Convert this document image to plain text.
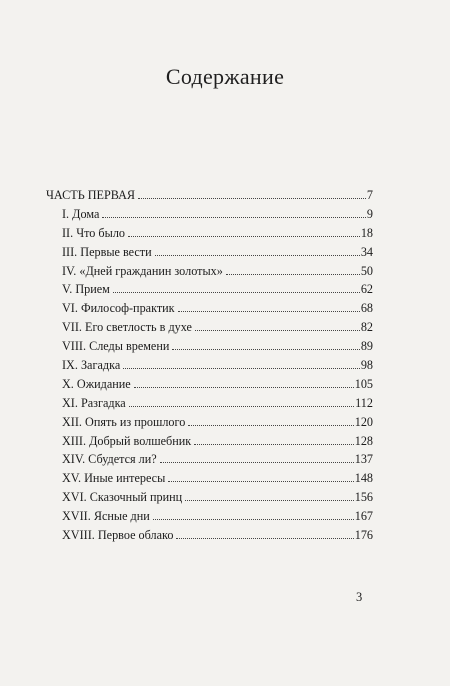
Содержание
ЧАСТЬ ПЕРВАЯ	7
I. Дома	9
II. Что было	18
III. Первые вести	34
IV. «Дней гражданин золотых»	50
V. Прием	62
VI. Философ-практик	68
VII. Его светлость в духе	82
VIII. Следы времени	89
IX. Загадка	98
X. Ожидание	105
XI. Разгадка	112
XII. Опять из прошлого	120
XIII. Добрый волшебник	128
XIV. Сбудется ли?	137
XV. Иные интересы	148
XVI. Сказочный принц	156
XVII. Ясные дни	167
XVIII. Первое облако	176
3
